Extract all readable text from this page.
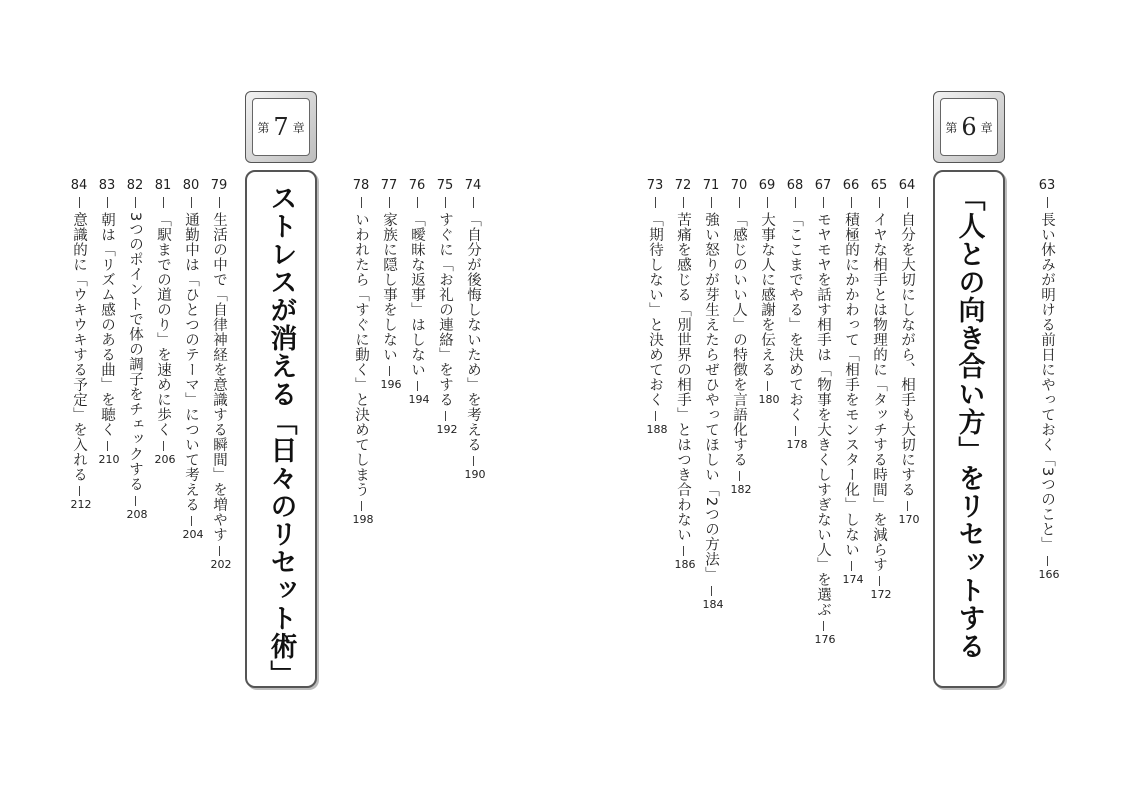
第 6 章
「人との向き合い方」をリセットする
第 7 章
ストレスが消える「日々のリセット術」	63
長い休みが明ける前日にやっておく「3つのこと」
166
64
自分を大切にしながら、相手も大切にする
170
65
イヤな相手とは物理的に「タッチする時間」を減らす
172
66
積極的にかかわって「相手をモンスター化」しない
174
67
モヤモヤを話す相手は「物事を大きくしすぎない人」を選ぶ
176
68
「ここまでやる」を決めておく
178
69
大事な人に感謝を伝える
180
70
「感じのいい人」の特徴を言語化する
182
71
強い怒りが芽生えたらぜひやってほしい「2つの方法」
184
72
苦痛を感じる「別世界の相手」とはつき合わない
186
73
「期待しない」と決めておく
188
74
「自分が後悔しないため」を考える
190
75
すぐに「お礼の連絡」をする
192
76
「曖昧な返事」はしない
194
77
家族に隠し事をしない
196
78
いわれたら「すぐに動く」と決めてしまう
198
79
生活の中で「自律神経を意識する瞬間」を増やす
202
80
通勤中は「ひとつのテーマ」について考える
204
81
「駅までの道のり」を速めに歩く
206
82
3つのポイントで体の調子をチェックする
208
83
朝は「リズム感のある曲」を聴く
210
84
意識的に「ウキウキする予定」を入れる
212
